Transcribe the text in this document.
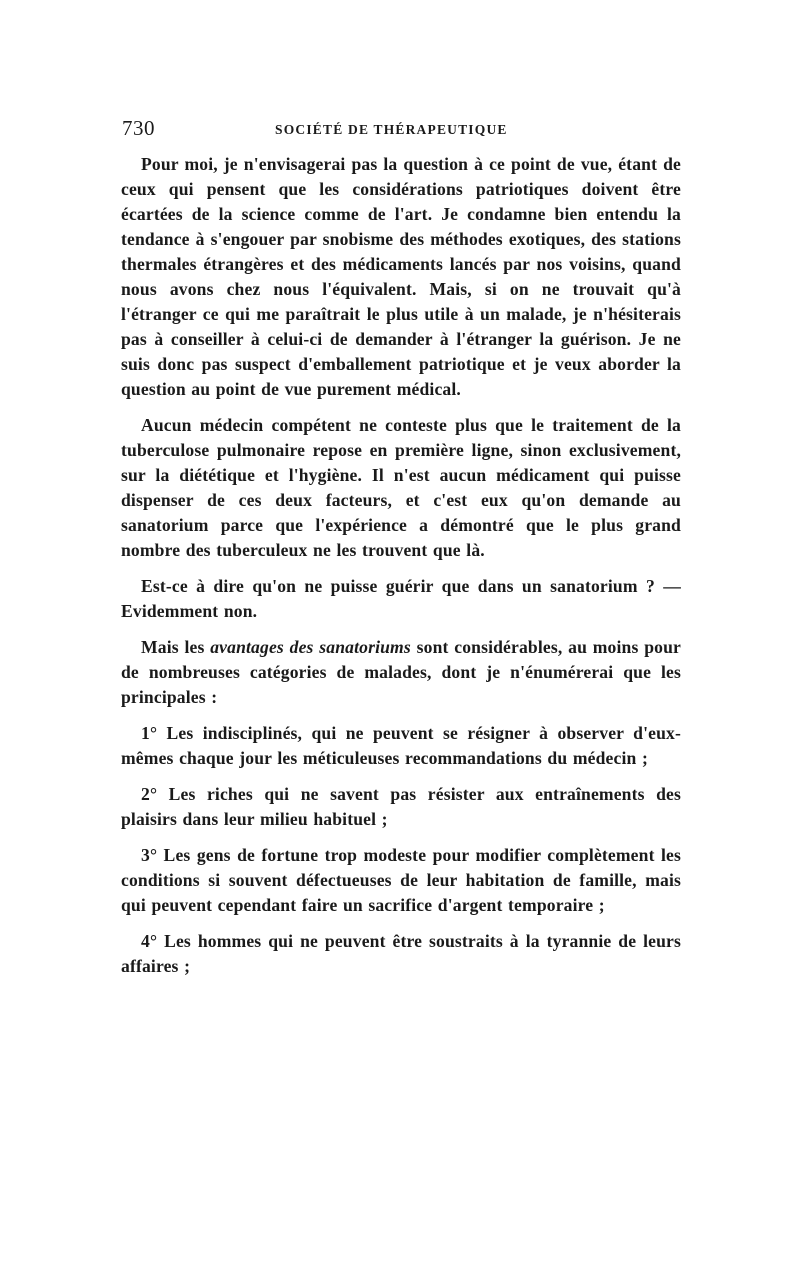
730	SOCIÉTÉ DE THÉRAPEUTIQUE

Pour moi, je n'envisagerai pas la question à ce point de vue, étant de ceux qui pensent que les considérations patriotiques doivent être écartées de la science comme de l'art. Je condamne bien entendu la tendance à s'engouer par snobisme des méthodes exotiques, des stations thermales étrangères et des médicaments lancés par nos voisins, quand nous avons chez nous l'équivalent. Mais, si on ne trouvait qu'à l'étranger ce qui me paraîtrait le plus utile à un malade, je n'hésiterais pas à conseiller à celui-ci de demander à l'étranger la guérison. Je ne suis donc pas suspect d'emballement patriotique et je veux aborder la question au point de vue purement médical.

Aucun médecin compétent ne conteste plus que le traitement de la tuberculose pulmonaire repose en première ligne, sinon exclusivement, sur la diététique et l'hygiène. Il n'est aucun médicament qui puisse dispenser de ces deux facteurs, et c'est eux qu'on demande au sanatorium parce que l'expérience a démontré que le plus grand nombre des tuberculeux ne les trouvent que là.

Est-ce à dire qu'on ne puisse guérir que dans un sanatorium ? — Evidemment non.

Mais les avantages des sanatoriums sont considérables, au moins pour de nombreuses catégories de malades, dont je n'énumérerai que les principales :

1° Les indisciplinés, qui ne peuvent se résigner à observer d'eux-mêmes chaque jour les méticuleuses recommandations du médecin ;

2° Les riches qui ne savent pas résister aux entraînements des plaisirs dans leur milieu habituel ;

3° Les gens de fortune trop modeste pour modifier complètement les conditions si souvent défectueuses de leur habitation de famille, mais qui peuvent cependant faire un sacrifice d'argent temporaire ;

4° Les hommes qui ne peuvent être soustraits à la tyrannie de leurs affaires ;
